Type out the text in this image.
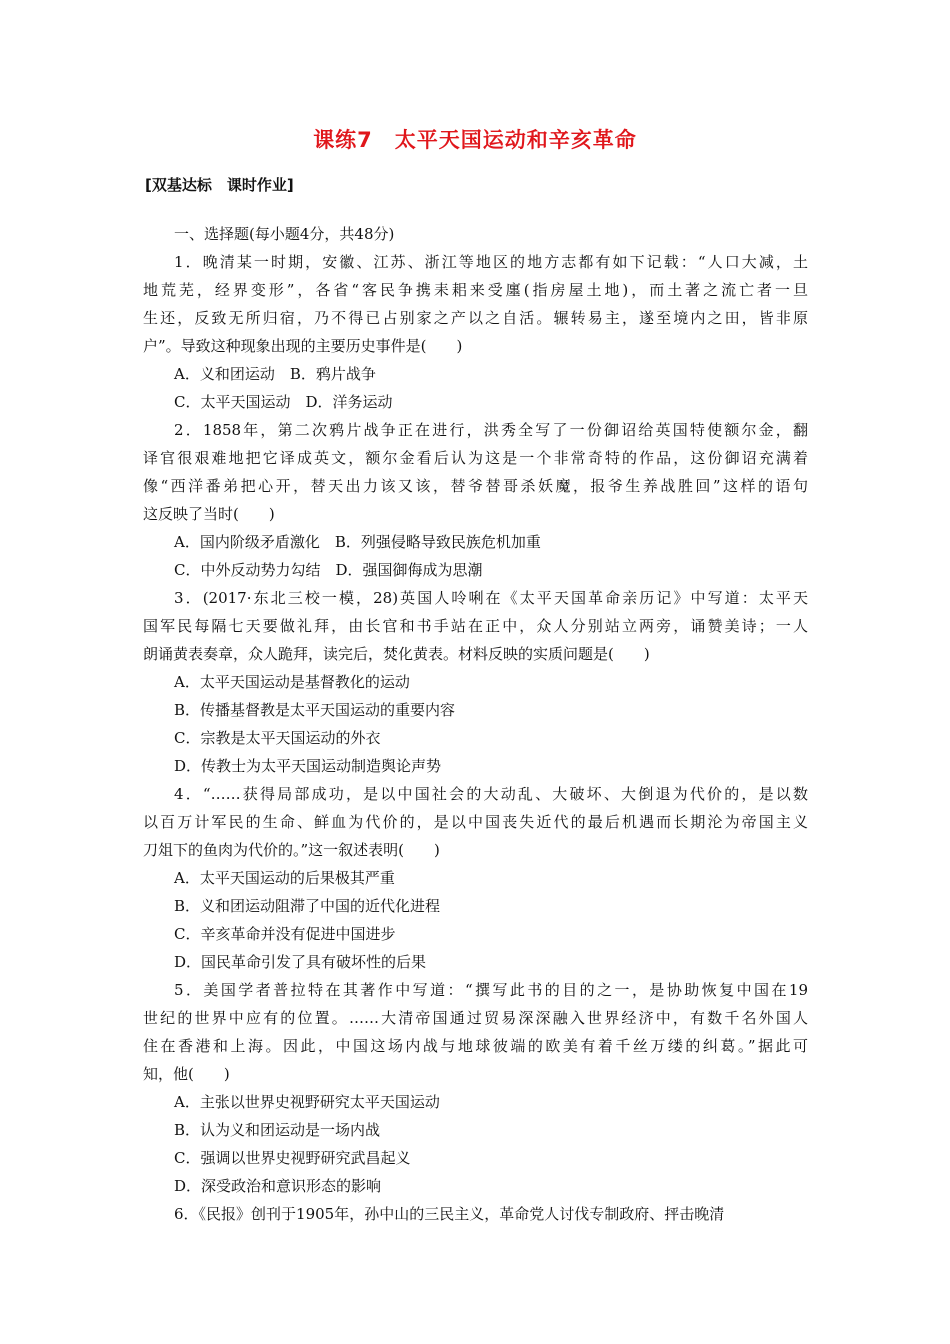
课练7　太平天国运动和辛亥革命
[双基达标　课时作业]
一、选择题(每小题4分，共48分)
1．晚清某一时期，安徽、江苏、浙江等地区的地方志都有如下记载：“人口大减，土
地荒芜，经界变形”，各省“客民争携耒耜来受廛(指房屋土地)，而土著之流亡者一旦
生还，反致无所归宿，乃不得已占别家之产以之自活。辗转易主，遂至境内之田，皆非原
户”。导致这种现象出现的主要历史事件是(　　)
A．义和团运动　B．鸦片战争
C．太平天国运动　D．洋务运动
2．1858年，第二次鸦片战争正在进行，洪秀全写了一份御诏给英国特使额尔金，翻
译官很艰难地把它译成英文，额尔金看后认为这是一个非常奇特的作品，这份御诏充满着
像“西洋番弟把心开，替天出力该又该，替爷替哥杀妖魔，报爷生养战胜回”这样的语句
这反映了当时(　　)
A．国内阶级矛盾激化　B．列强侵略导致民族危机加重
C．中外反动势力勾结　D．强国御侮成为思潮
3．(2017·东北三校一模，28)英国人呤唎在《太平天国革命亲历记》中写道：太平天
国军民每隔七天要做礼拜，由长官和书手站在正中，众人分别站立两旁，诵赞美诗；一人
朗诵黄表奏章，众人跪拜，读完后，焚化黄表。材料反映的实质问题是(　　)
A．太平天国运动是基督教化的运动
B．传播基督教是太平天国运动的重要内容
C．宗教是太平天国运动的外衣
D．传教士为太平天国运动制造舆论声势
4．“……获得局部成功，是以中国社会的大动乱、大破坏、大倒退为代价的，是以数
以百万计军民的生命、鲜血为代价的，是以中国丧失近代的最后机遇而长期沦为帝国主义
刀俎下的鱼肉为代价的。”这一叙述表明(　　)
A．太平天国运动的后果极其严重
B．义和团运动阻滞了中国的近代化进程
C．辛亥革命并没有促进中国进步
D．国民革命引发了具有破坏性的后果
5．美国学者普拉特在其著作中写道：“撰写此书的目的之一，是协助恢复中国在19
世纪的世界中应有的位置。……大清帝国通过贸易深深融入世界经济中，有数千名外国人
住在香港和上海。因此，中国这场内战与地球彼端的欧美有着千丝万缕的纠葛。”据此可
知，他(　　)
A．主张以世界史视野研究太平天国运动
B．认为义和团运动是一场内战
C．强调以世界史视野研究武昌起义
D．深受政治和意识形态的影响
6．《民报》创刊于1905年，孙中山的三民主义，革命党人讨伐专制政府、抨击晚清
